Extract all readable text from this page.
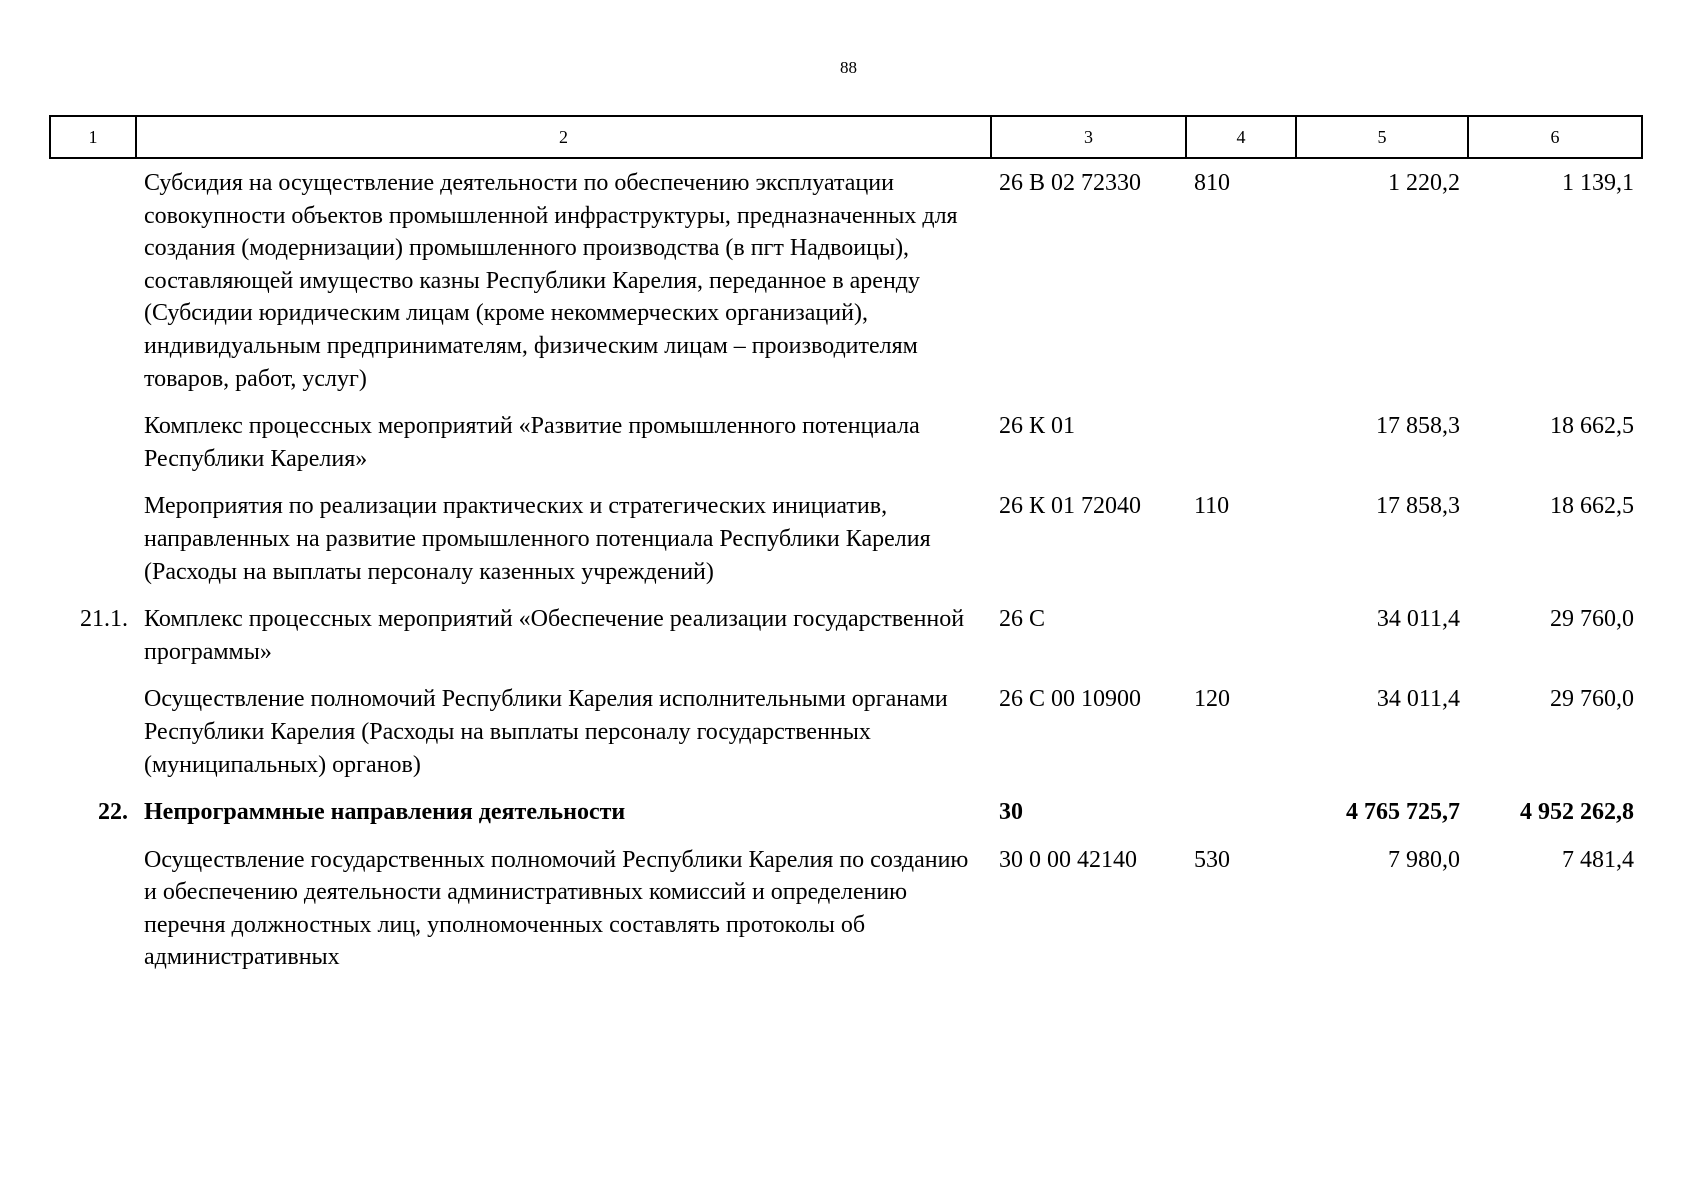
88
1	2	3	4	5	6
	Субсидия на осуществление деятельности по обеспечению эксплуатации совокупности объектов промышленной инфраструктуры, предназначенных для создания (модернизации) промышленного производства (в пгт Надвоицы), составляющей имущество казны Республики Карелия, переданное в аренду (Субсидии юридическим лицам (кроме некоммерческих организаций), индивидуальным предпринимателям, физическим лицам – производителям товаров, работ, услуг)	26 В 02 72330	810	1 220,2	1 139,1
	Комплекс процессных мероприятий «Развитие промышленного потенциала Республики Карелия»	26 К 01		17 858,3	18 662,5
	Мероприятия по реализации практических и стратегических инициатив, направленных на развитие промышленного потенциала Республики Карелия (Расходы на выплаты персоналу казенных учреждений)	26 К 01 72040	110	17 858,3	18 662,5
21.1.	Комплекс процессных мероприятий «Обеспечение реализации государственной программы»	26 С		34 011,4	29 760,0
	Осуществление полномочий Республики Карелия исполнительными органами Республики Карелия (Расходы на выплаты персоналу государственных (муниципальных) органов)	26 С 00 10900	120	34 011,4	29 760,0
22.	Непрограммные направления деятельности	30		4 765 725,7	4 952 262,8
	Осуществление государственных полномочий Республики Карелия по созданию и обеспечению деятельности административных комиссий и определению перечня должностных лиц, уполномоченных составлять протоколы об административных	30 0 00 42140	530	7 980,0	7 481,4
